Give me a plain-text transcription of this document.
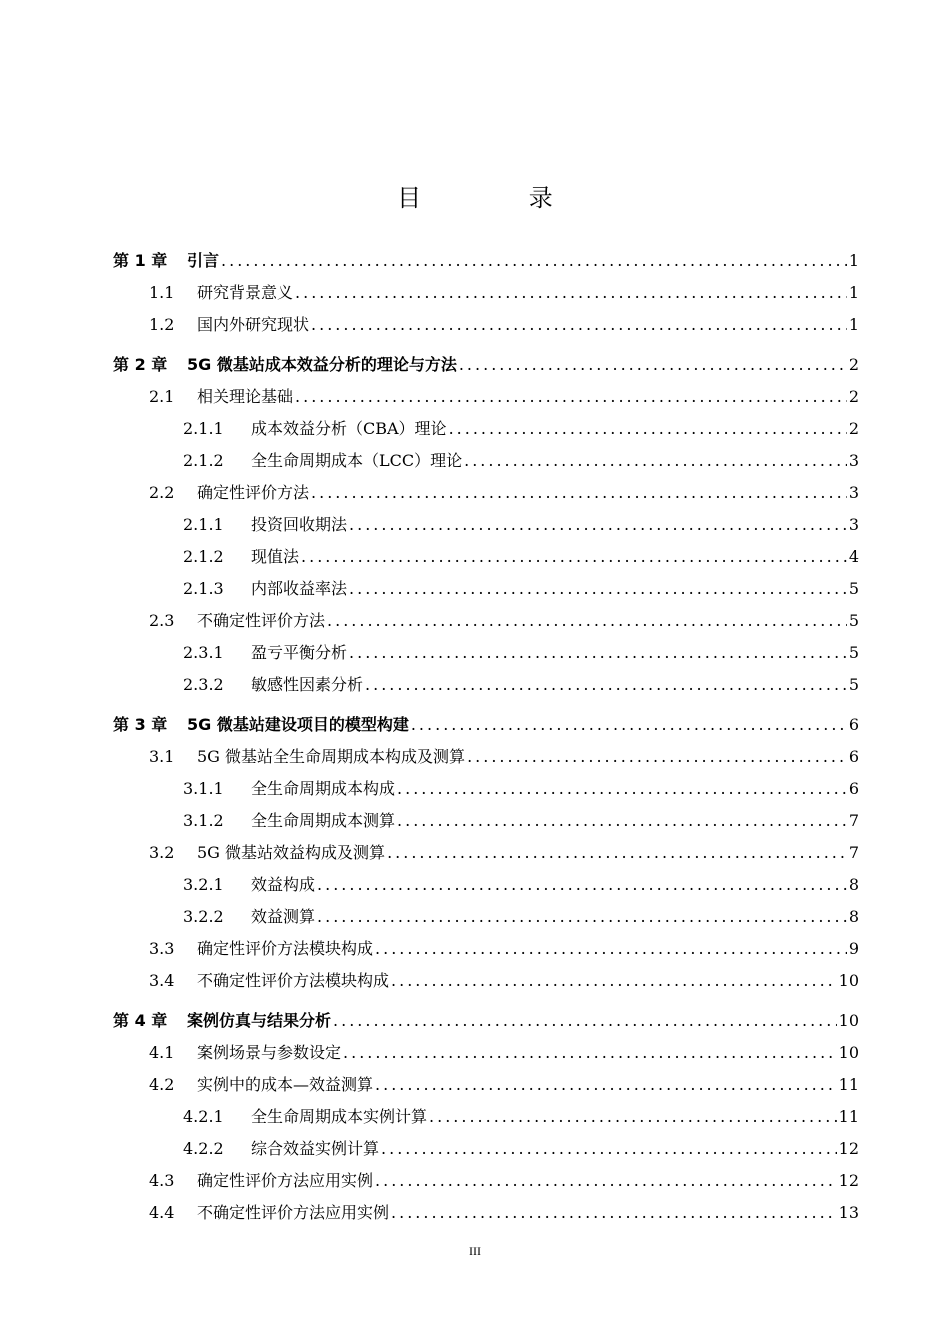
目 录
第 1 章	引言 .....	1
1.1	研究背景意义 .....	1
1.2	国内外研究现状 .....	1
第 2 章	5G 微基站成本效益分析的理论与方法 .....	2
2.1	相关理论基础 .....	2
2.1.1	成本效益分析（CBA）理论 .....	2
2.1.2	全生命周期成本（LCC）理论 .....	3
2.2	确定性评价方法 .....	3
2.1.1	投资回收期法 .....	3
2.1.2	现值法 .....	4
2.1.3	内部收益率法 .....	5
2.3	不确定性评价方法 .....	5
2.3.1	盈亏平衡分析 .....	5
2.3.2	敏感性因素分析 .....	5
第 3 章	5G 微基站建设项目的模型构建 .....	6
3.1	5G 微基站全生命周期成本构成及测算 .....	6
3.1.1	全生命周期成本构成 .....	6
3.1.2	全生命周期成本测算 .....	7
3.2	5G 微基站效益构成及测算 .....	7
3.2.1	效益构成 .....	8
3.2.2	效益测算 .....	8
3.3	确定性评价方法模块构成 .....	9
3.4	不确定性评价方法模块构成 .....	10
第 4 章	案例仿真与结果分析 .....	10
4.1	案例场景与参数设定 .....	10
4.2	实例中的成本—效益测算 .....	11
4.2.1	全生命周期成本实例计算 .....	11
4.2.2	综合效益实例计算 .....	12
4.3	确定性评价方法应用实例 .....	12
4.4	不确定性评价方法应用实例 .....	13
III
